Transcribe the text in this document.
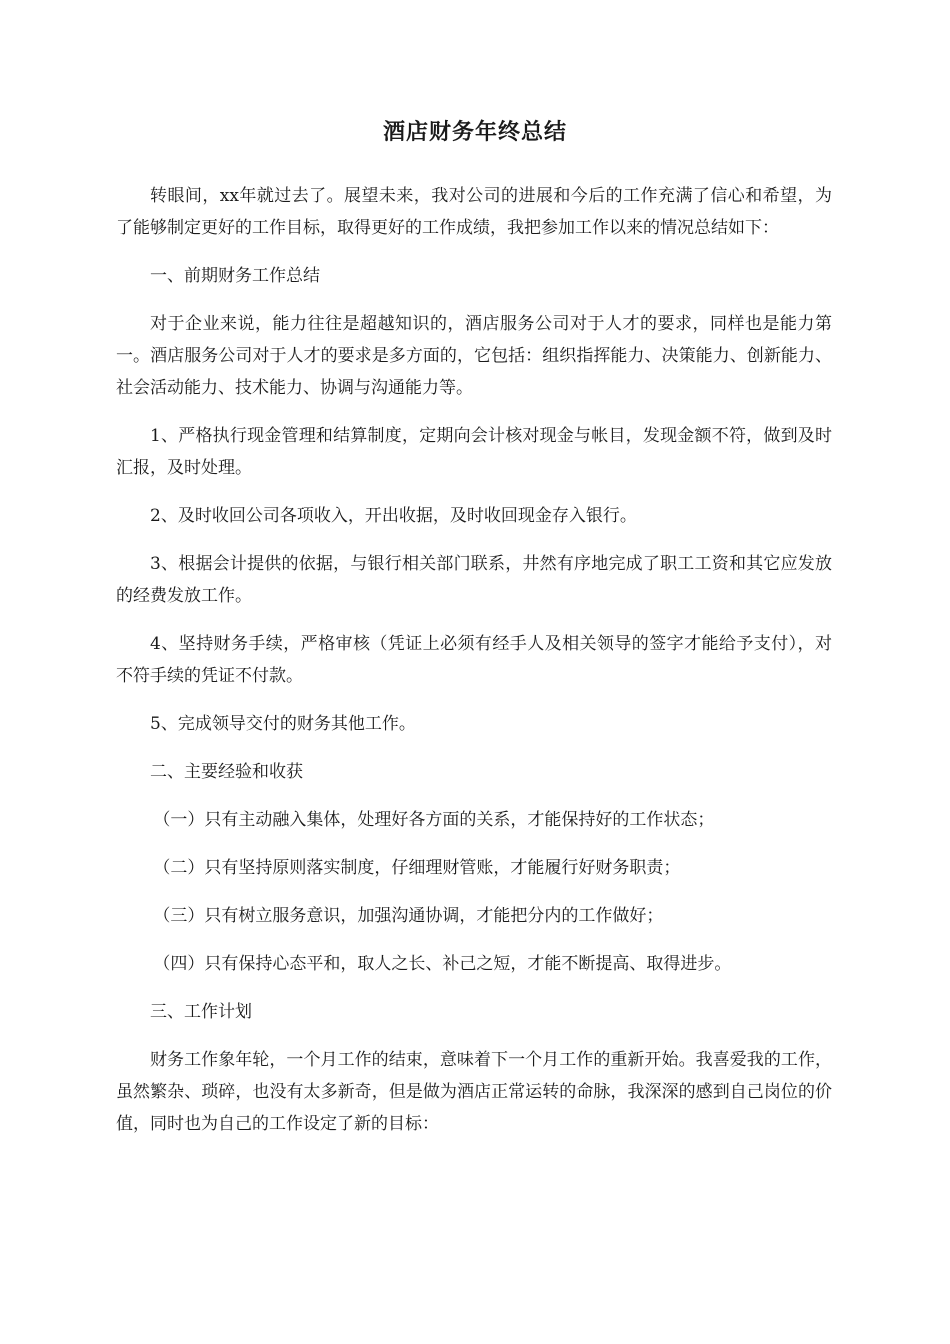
酒店财务年终总结

转眼间，xx年就过去了。展望未来，我对公司的进展和今后的工作充满了信心和希望，为了能够制定更好的工作目标，取得更好的工作成绩，我把参加工作以来的情况总结如下：

一、前期财务工作总结

对于企业来说，能力往往是超越知识的，酒店服务公司对于人才的要求，同样也是能力第一。酒店服务公司对于人才的要求是多方面的，它包括：组织指挥能力、决策能力、创新能力、社会活动能力、技术能力、协调与沟通能力等。

1、严格执行现金管理和结算制度，定期向会计核对现金与帐目，发现金额不符，做到及时汇报，及时处理。

2、及时收回公司各项收入，开出收据，及时收回现金存入银行。

3、根据会计提供的依据，与银行相关部门联系，井然有序地完成了职工工资和其它应发放的经费发放工作。

4、坚持财务手续，严格审核（凭证上必须有经手人及相关领导的签字才能给予支付），对不符手续的凭证不付款。

5、完成领导交付的财务其他工作。

二、主要经验和收获

（一）只有主动融入集体，处理好各方面的关系，才能保持好的工作状态；

（二）只有坚持原则落实制度，仔细理财管账，才能履行好财务职责；

（三）只有树立服务意识，加强沟通协调，才能把分内的工作做好；

（四）只有保持心态平和，取人之长、补己之短，才能不断提高、取得进步。

三、工作计划

财务工作象年轮，一个月工作的结束，意味着下一个月工作的重新开始。我喜爱我的工作，虽然繁杂、琐碎，也没有太多新奇，但是做为酒店正常运转的命脉，我深深的感到自己岗位的价值，同时也为自己的工作设定了新的目标：
